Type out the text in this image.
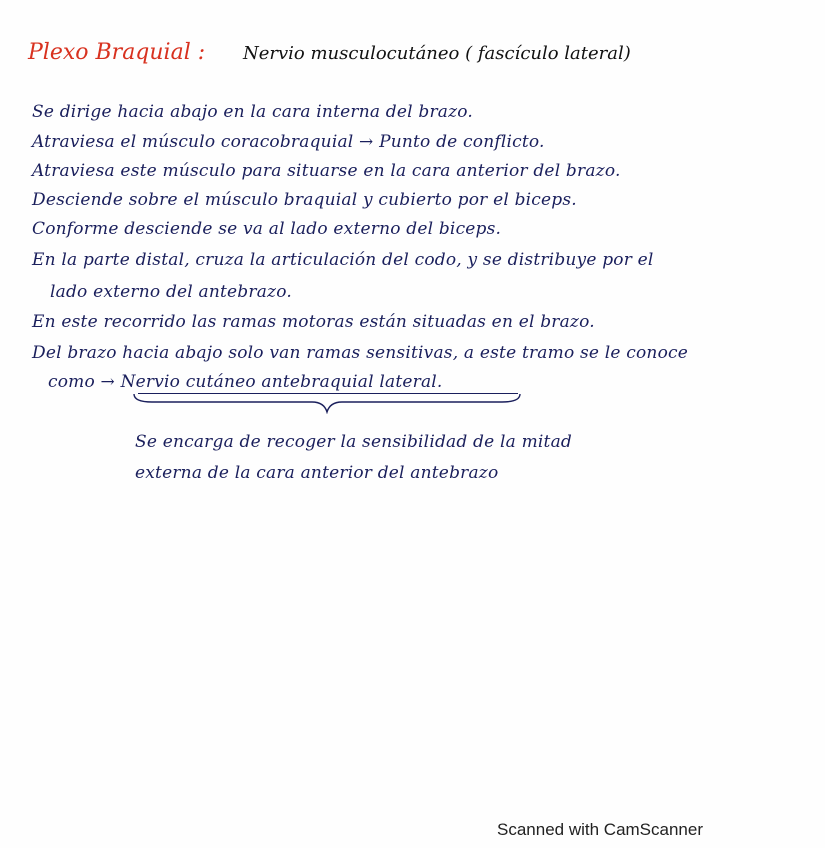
Plexo Braquial : Nervio musculocutáneo ( fascículo lateral)
Se dirige hacia abajo en la cara interna del brazo.
Atraviesa el músculo coracobraquial → Punto de conflicto.
Atraviesa este músculo para situarse en la cara anterior del brazo.
Desciende sobre el músculo braquial y cubierto por el biceps.
Conforme desciende se va al lado externo del biceps.
En la parte distal, cruza la articulación del codo, y se distribuye por el
lado externo del antebrazo.
En este recorrido las ramas motoras están situadas en el brazo.
Del brazo hacia abajo solo van ramas sensitivas, a este tramo se le conoce
como → Nervio cutáneo antebraquial lateral.
Se encarga de recoger la sensibilidad de la mitad
externa de la cara anterior del antebrazo
Scanned with CamScanner
